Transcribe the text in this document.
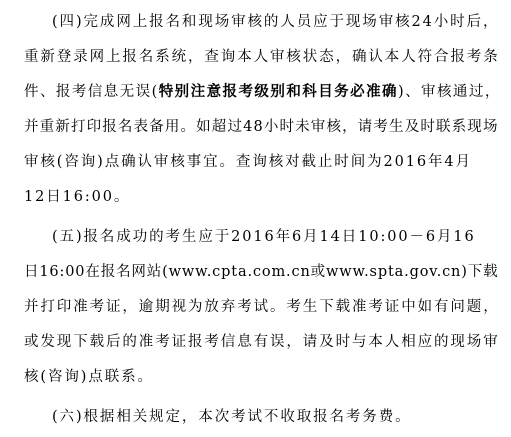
(四)完成网上报名和现场审核的人员应于现场审核24小时后，
重新登录网上报名系统，查询本人审核状态，确认本人符合报考条
件、报考信息无误(特别注意报考级别和科目务必准确)、审核通过，
并重新打印报名表备用。如超过48小时未审核，请考生及时联系现场
审核(咨询)点确认审核事宜。查询核对截止时间为2016年4月
12日16:00。
(五)报名成功的考生应于2016年6月14日10:00－6月16
日16:00在报名网站(www.cpta.com.cn或www.spta.gov.cn)下载
并打印准考证，逾期视为放弃考试。考生下载准考证中如有问题，
或发现下载后的准考证报考信息有误，请及时与本人相应的现场审
核(咨询)点联系。
(六)根据相关规定，本次考试不收取报名考务费。
